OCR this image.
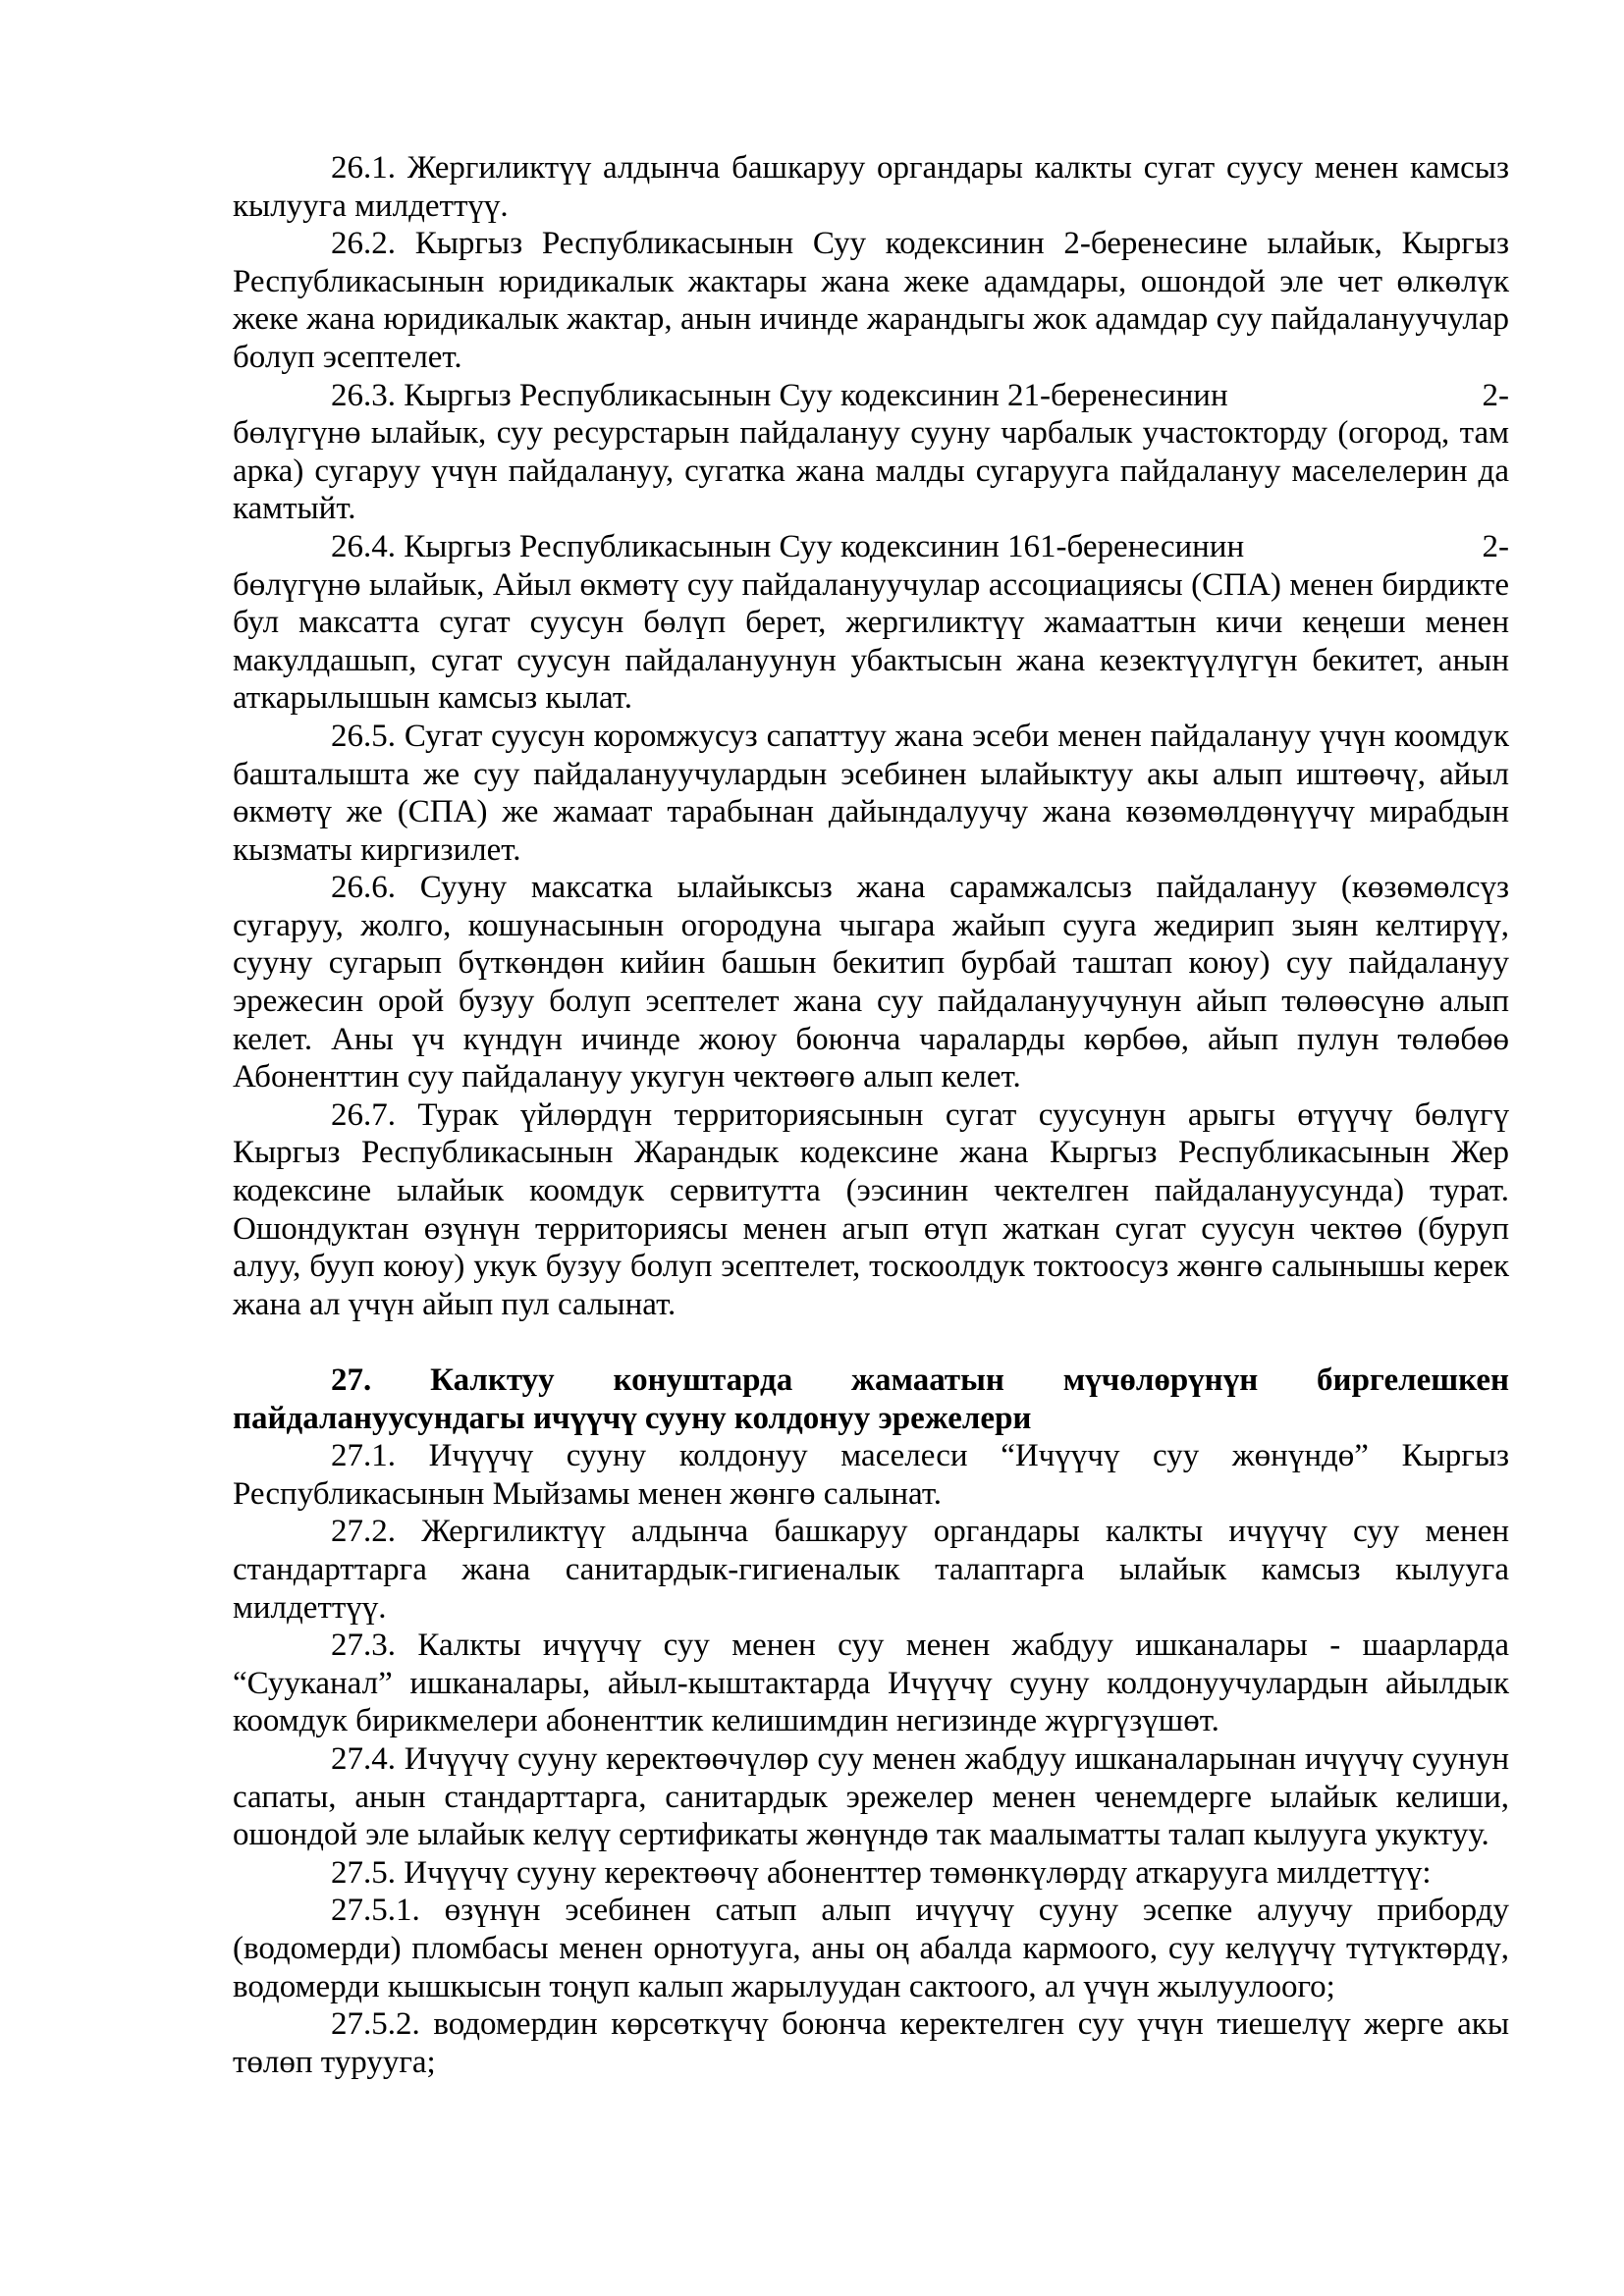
26.1. Жергиликтүү алдынча башкаруу органдары калкты сугат суусу менен камсыз кылууга милдеттүү.

26.2. Кыргыз Республикасынын Суу кодексинин 2-беренесине ылайык, Кыргыз Республикасынын юридикалык жактары жана жеке адамдары, ошондой эле чет өлкөлүк жеке жана юридикалык жактар, анын ичинде жарандыгы жок адамдар суу пайдалануучулар болуп эсептелет.

26.3. Кыргыз Республикасынын Суу кодексинин 21-беренесинин	2-
бөлүгүнө ылайык, суу ресурстарын пайдалануу сууну чарбалык участокторду (огород, там арка) сугаруу үчүн пайдалануу, сугатка жана малды сугарууга пайдалануу маселелерин да камтыйт.
26.4. Кыргыз Республикасынын Суу кодексинин 161-беренесинин	2-
бөлүгүнө ылайык, Айыл өкмөтү суу пайдалануучулар ассоциациясы (СПА) менен бирдикте бул максатта сугат суусун бөлүп берет, жергиликтүү жамааттын кичи кеңеши менен макулдашып, сугат суусун пайдалануунун убактысын жана кезектүүлүгүн бекитет, анын аткарылышын камсыз кылат.

26.5. Сугат суусун коромжусуз сапаттуу жана эсеби менен пайдалануу үчүн коомдук башталышта же суу пайдалануучулардын эсебинен ылайыктуу акы алып иштөөчү, айыл өкмөтү же (СПА) же жамаат тарабынан дайындалуучу жана көзөмөлдөнүүчү мирабдын кызматы киргизилет.

26.6. Сууну максатка ылайыксыз жана сарамжалсыз пайдалануу (көзөмөлсүз сугаруу, жолго, кошунасынын огородуна чыгара жайып сууга жедирип зыян келтирүү, сууну сугарып бүткөндөн кийин башын бекитип бурбай таштап коюу) суу пайдалануу эрежесин орой бузуу болуп эсептелет жана суу пайдалануучунун айып төлөөсүнө алып келет. Аны үч күндүн ичинде жоюу боюнча чараларды көрбөө, айып пулун төлөбөө Абоненттин суу пайдалануу укугун чектөөгө алып келет.

26.7. Турак үйлөрдүн территориясынын сугат суусунун арыгы өтүүчү бөлүгү Кыргыз Республикасынын Жарандык кодексине жана Кыргыз Республикасынын Жер кодексине ылайык коомдук сервитутта (ээсинин чектелген пайдалануусунда) турат. Ошондуктан өзүнүн территориясы менен агып өтүп жаткан сугат суусун чектөө (буруп алуу, бууп коюу) укук бузуу болуп эсептелет, тоскоолдук токтоосуз жөнгө салынышы керек жана ал үчүн айып пул салынат.

27. Калктуу конуштарда жамаатын мүчөлөрүнүн биргелешкен пайдалануусундагы ичүүчү сууну колдонуу эрежелери

27.1. Ичүүчү сууну колдонуу маселеси “Ичүүчү суу жөнүндө” Кыргыз Республикасынын Мыйзамы менен жөнгө салынат.

27.2. Жергиликтүү алдынча башкаруу органдары калкты ичүүчү суу менен стандарттарга жана санитардык-гигиеналык талаптарга ылайык камсыз кылууга милдеттүү.

27.3. Калкты ичүүчү суу менен суу менен жабдуу ишканалары - шаарларда “Сууканал” ишканалары, айыл-кыштактарда Ичүүчү сууну колдонуучулардын айылдык коомдук бирикмелери абоненттик келишимдин негизинде жүргүзүшөт.

27.4. Ичүүчү сууну керектөөчүлөр суу менен жабдуу ишканаларынан ичүүчү суунун сапаты, анын стандарттарга, санитардык эрежелер менен ченемдерге ылайык келиши, ошондой эле ылайык келүү сертификаты жөнүндө так маалыматты талап кылууга укуктуу.

27.5. Ичүүчү сууну керектөөчү абоненттер төмөнкүлөрдү аткарууга милдеттүү:

27.5.1. өзүнүн эсебинен сатып алып ичүүчү сууну эсепке алуучу приборду (водомерди) пломбасы менен орнотууга, аны оң абалда кармоого, суу келүүчү түтүктөрдү, водомерди кышкысын тоңуп калып жарылуудан сактоого, ал үчүн жылуулоого;

27.5.2. водомердин көрсөткүчү боюнча керектелген суу үчүн тиешелүү жерге акы төлөп турууга;
